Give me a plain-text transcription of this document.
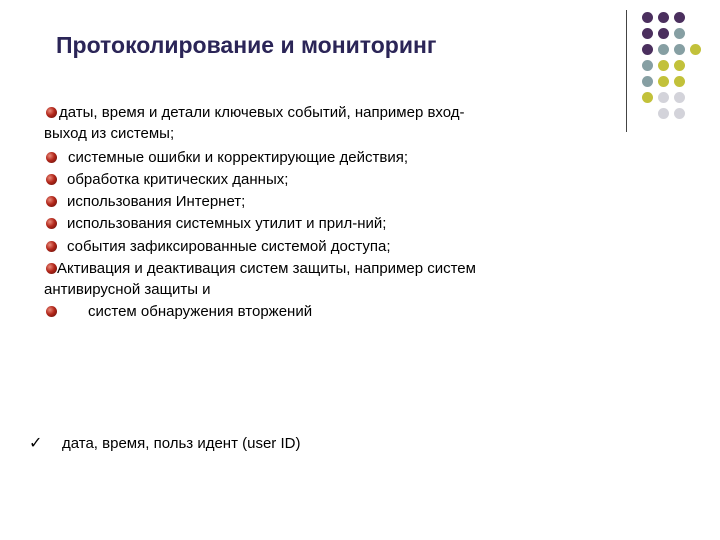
Протоколирование и мониторинг
даты, время и детали ключевых событий, например вход-
выход из системы;
системные ошибки и корректирующие действия;
обработка критических данных;
использования Интернет;
использования системных утилит и прил-ний;
события зафиксированные системой доступа;
Активация и деактивация систем защиты, например систем
антивирусной защиты и
систем обнаружения вторжений
✓ дата, время, польз идент (user ID)
